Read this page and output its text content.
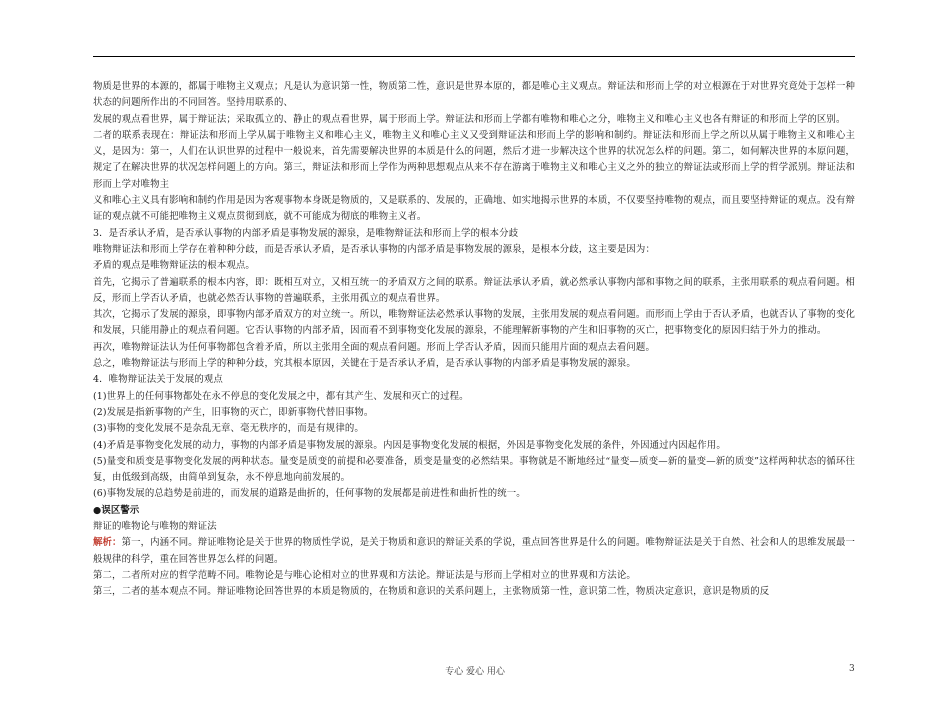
物质是世界的本源的，都属于唯物主义观点；凡是认为意识第一性，物质第二性，意识是世界本原的，都是唯心主义观点。辩证法和形而上学的对立根源在于对世界究竟处于怎样一种状态的问题所作出的不同回答。坚持用联系的、

发展的观点看世界，属于辩证法；采取孤立的、静止的观点看世界，属于形而上学。辩证法和形而上学都有唯物和唯心之分，唯物主义和唯心主义也各有辩证的和形而上学的区别。

二者的联系表现在：辩证法和形而上学从属于唯物主义和唯心主义，唯物主义和唯心主义又受到辩证法和形而上学的影响和制约。辩证法和形而上学之所以从属于唯物主义和唯心主义，是因为：第一，人们在认识世界的过程中一般说来，首先需要解决世界的本质是什么的问题，然后才进一步解决这个世界的状况怎么样的问题。第二，如何解决世界的本原问题，规定了在解决世界的状况怎样问题上的方向。第三，辩证法和形而上学作为两种思想观点从来不存在游离于唯物主义和唯心主义之外的独立的辩证法或形而上学的哲学派别。辩证法和形而上学对唯物主

义和唯心主义具有影响和制约作用是因为客观事物本身既是物质的，又是联系的、发展的，正确地、如实地揭示世界的本质，不仅要坚持唯物的观点，而且要坚持辩证的观点。没有辩证的观点就不可能把唯物主义观点贯彻到底，就不可能成为彻底的唯物主义者。

3．是否承认矛盾，是否承认事物的内部矛盾是事物发展的源泉，是唯物辩证法和形而上学的根本分歧

唯物辩证法和形而上学存在着种种分歧，而是否承认矛盾，是否承认事物的内部矛盾是事物发展的源泉，是根本分歧，这主要是因为：

矛盾的观点是唯物辩证法的根本观点。

首先，它揭示了普遍联系的根本内容，即：既相互对立，又相互统一的矛盾双方之间的联系。辩证法承认矛盾，就必然承认事物内部和事物之间的联系，主张用联系的观点看问题。相反，形而上学否认矛盾，也就必然否认事物的普遍联系，主张用孤立的观点看世界。

其次，它揭示了发展的源泉，即事物内部矛盾双方的对立统一。所以，唯物辩证法必然承认事物的发展，主张用发展的观点看问题。而形而上学由于否认矛盾，也就否认了事物的变化和发展，只能用静止的观点看问题。它否认事物的内部矛盾，因而看不到事物变化发展的源泉，不能理解新事物的产生和旧事物的灭亡，把事物变化的原因归结于外力的推动。

再次，唯物辩证法认为任何事物都包含着矛盾，所以主张用全面的观点看问题。形而上学否认矛盾，因而只能用片面的观点去看问题。

总之，唯物辩证法与形而上学的种种分歧，究其根本原因，关键在于是否承认矛盾，是否承认事物的内部矛盾是事物发展的源泉。

4．唯物辩证法关于发展的观点

(1)世界上的任何事物都处在永不停息的变化发展之中，都有其产生、发展和灭亡的过程。

(2)发展是指新事物的产生，旧事物的灭亡，即新事物代替旧事物。

(3)事物的变化发展不是杂乱无章、毫无秩序的，而是有规律的。

(4)矛盾是事物变化发展的动力，事物的内部矛盾是事物发展的源泉。内因是事物变化发展的根据，外因是事物变化发展的条件，外因通过内因起作用。

(5)量变和质变是事物变化发展的两种状态。量变是质变的前提和必要准备，质变是量变的必然结果。事物就是不断地经过“量变—质变—新的量变—新的质变”这样两种状态的循环往复，由低级到高级，由简单到复杂，永不停息地向前发展的。

(6)事物发展的总趋势是前进的，而发展的道路是曲折的，任何事物的发展都是前进性和曲折性的统一。

●误区警示

辩证的唯物论与唯物的辩证法

解析：第一，内涵不同。辩证唯物论是关于世界的物质性学说，是关于物质和意识的辩证关系的学说，重点回答世界是什么的问题。唯物辩证法是关于自然、社会和人的思维发展最一般规律的科学，重在回答世界怎么样的问题。

第二，二者所对应的哲学范畴不同。唯物论是与唯心论相对立的世界观和方法论。辩证法是与形而上学相对立的世界观和方法论。

第三，二者的基本观点不同。辩证唯物论回答世界的本质是物质的，在物质和意识的关系问题上，主张物质第一性，意识第二性，物质决定意识，意识是物质的反

专心 爱心 用心	3
